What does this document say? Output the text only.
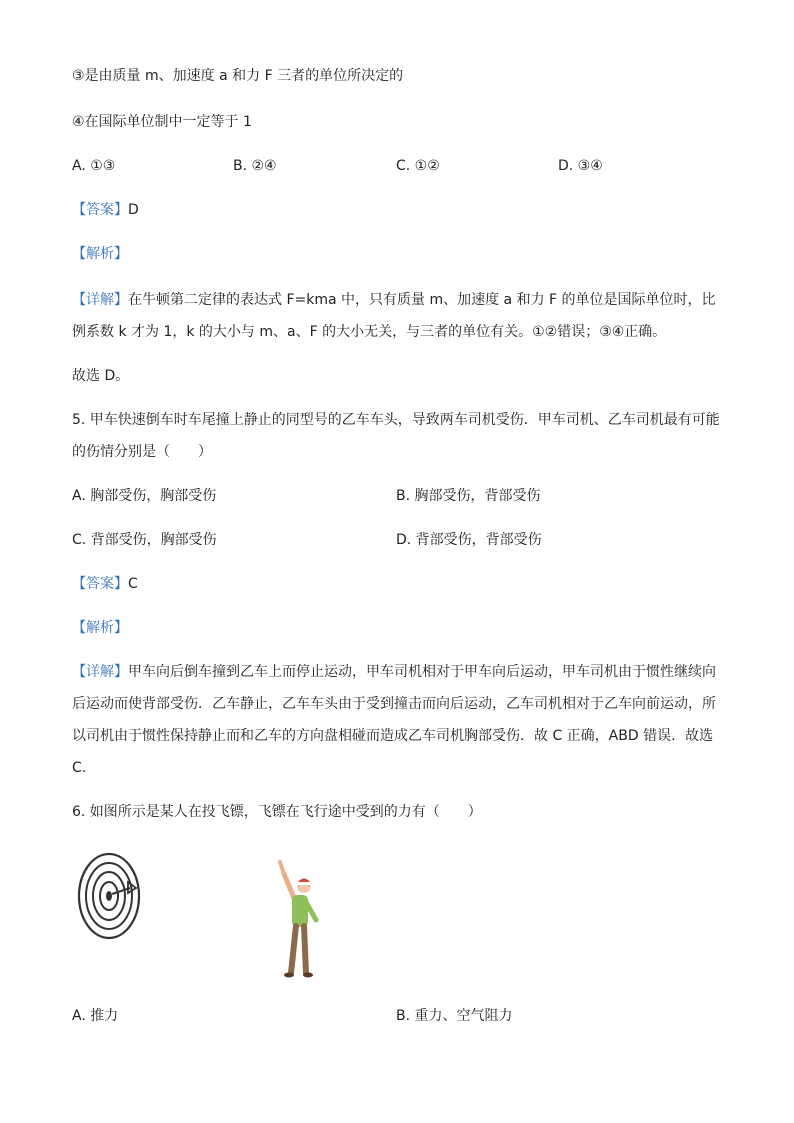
③是由质量 m、加速度 a 和力 F 三者的单位所决定的
④在国际单位制中一定等于 1
A. ①③	B. ②④	C. ①②	D. ③④
【答案】D
【解析】
【详解】在牛顿第二定律的表达式 F=kma 中，只有质量 m、加速度 a 和力 F 的单位是国际单位时，比例系数 k 才为 1，k 的大小与 m、a、F 的大小无关，与三者的单位有关。①②错误；③④正确。
故选 D。
5. 甲车快速倒车时车尾撞上静止的同型号的乙车车头，导致两车司机受伤．甲车司机、乙车司机最有可能的伤情分别是（　　）
A. 胸部受伤，胸部受伤	B. 胸部受伤，背部受伤
C. 背部受伤，胸部受伤	D. 背部受伤，背部受伤
【答案】C
【解析】
【详解】甲车向后倒车撞到乙车上而停止运动，甲车司机相对于甲车向后运动，甲车司机由于惯性继续向后运动而使背部受伤．乙车静止，乙车车头由于受到撞击而向后运动，乙车司机相对于乙车向前运动，所以司机由于惯性保持静止而和乙车的方向盘相碰而造成乙车司机胸部受伤．故 C 正确，ABD 错误．故选 C.
6. 如图所示是某人在投飞镖，飞镖在飞行途中受到的力有（　　）
A. 推力	B. 重力、空气阻力
